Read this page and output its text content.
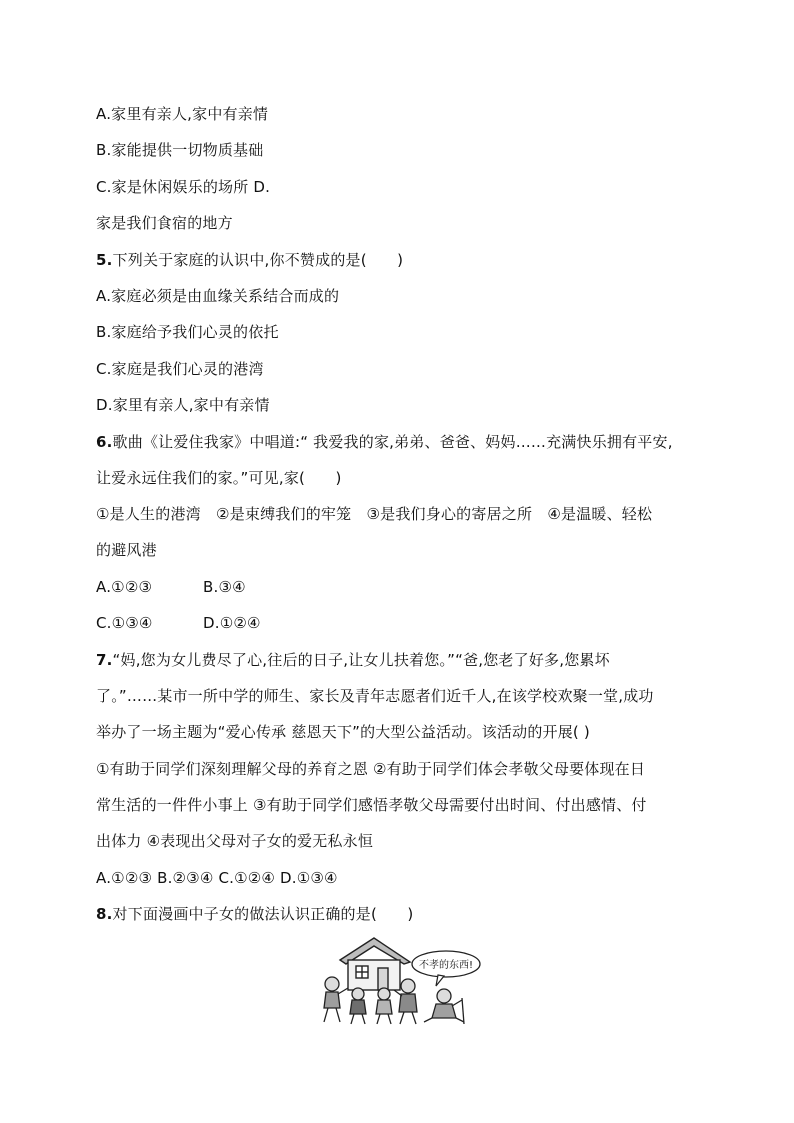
A.家里有亲人,家中有亲情
B.家能提供一切物质基础
C.家是休闲娱乐的场所 D.
家是我们食宿的地方
5.下列关于家庭的认识中,你不赞成的是(　　)
A.家庭必须是由血缘关系结合而成的
B.家庭给予我们心灵的依托
C.家庭是我们心灵的港湾
D.家里有亲人,家中有亲情
6.歌曲《让爱住我家》中唱道:“ 我爱我的家,弟弟、爸爸、妈妈……充满快乐拥有平安,
让爱永远住我们的家。”可见,家(　　)
①是人生的港湾　②是束缚我们的牢笼　③是我们身心的寄居之所　④是温暖、轻松
的避风港
A.①②③	B.③④
C.①③④	D.①②④
7.“妈,您为女儿费尽了心,往后的日子,让女儿扶着您。”“爸,您老了好多,您累坏
了。”……某市一所中学的师生、家长及青年志愿者们近千人,在该学校欢聚一堂,成功
举办了一场主题为“爱心传承 慈恩天下”的大型公益活动。该活动的开展( )
①有助于同学们深刻理解父母的养育之恩 ②有助于同学们体会孝敬父母要体现在日
常生活的一件件小事上 ③有助于同学们感悟孝敬父母需要付出时间、付出感情、付
出体力 ④表现出父母对子女的爱无私永恒
A.①②③ B.②③④ C.①②④ D.①③④
8.对下面漫画中子女的做法认识正确的是(　　)
不孝的东西!
